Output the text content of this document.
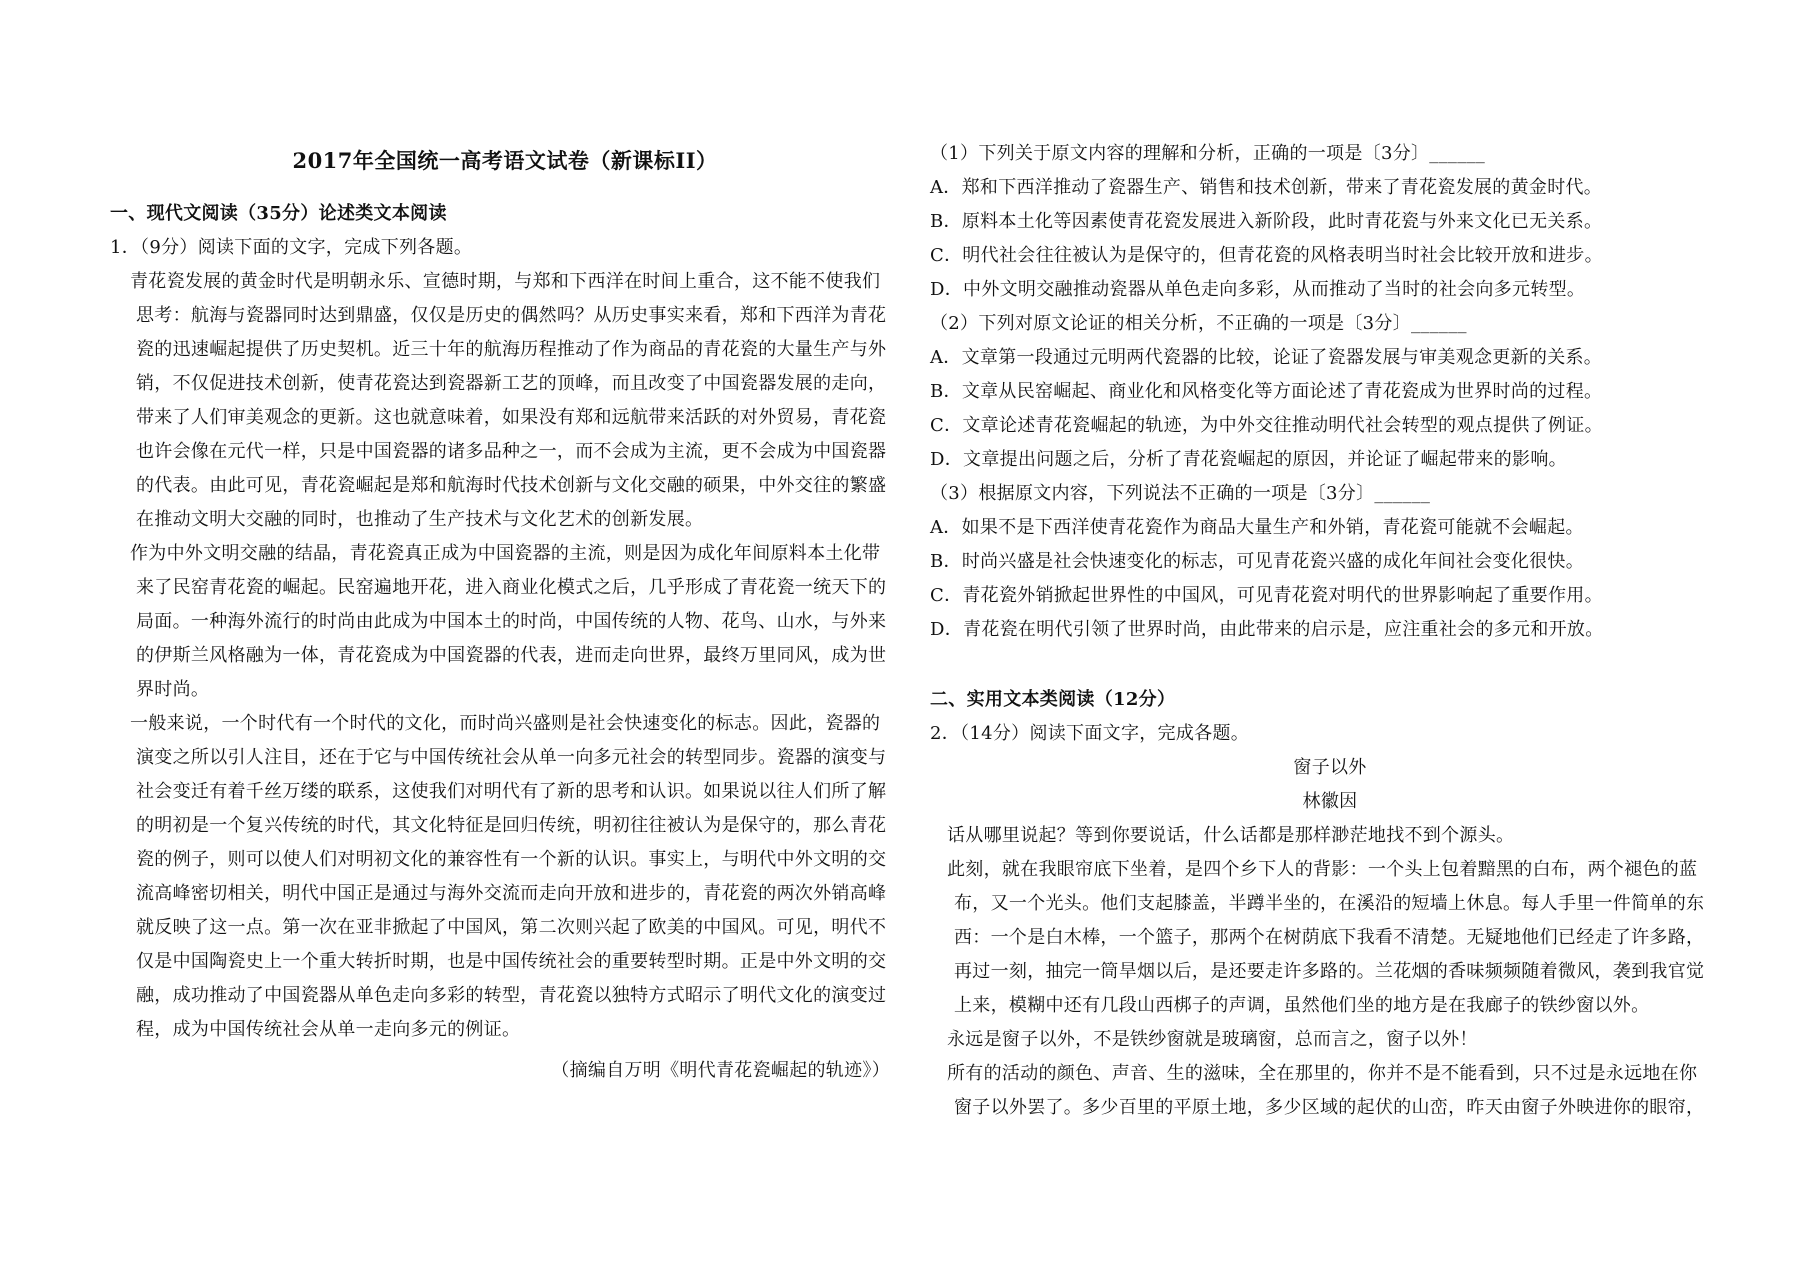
2017年全国统一高考语文试卷（新课标II）
一、现代文阅读（35分）论述类文本阅读
1．（9分）阅读下面的文字，完成下列各题。
青花瓷发展的黄金时代是明朝永乐、宣德时期，与郑和下西洋在时间上重合，这不能不使我们
思考：航海与瓷器同时达到鼎盛，仅仅是历史的偶然吗？从历史事实来看，郑和下西洋为青花
瓷的迅速崛起提供了历史契机。近三十年的航海历程推动了作为商品的青花瓷的大量生产与外
销，不仅促进技术创新，使青花瓷达到瓷器新工艺的顶峰，而且改变了中国瓷器发展的走向，
带来了人们审美观念的更新。这也就意味着，如果没有郑和远航带来活跃的对外贸易，青花瓷
也许会像在元代一样，只是中国瓷器的诸多品种之一，而不会成为主流，更不会成为中国瓷器
的代表。由此可见，青花瓷崛起是郑和航海时代技术创新与文化交融的硕果，中外交往的繁盛
在推动文明大交融的同时，也推动了生产技术与文化艺术的创新发展。
作为中外文明交融的结晶，青花瓷真正成为中国瓷器的主流，则是因为成化年间原料本土化带
来了民窑青花瓷的崛起。民窑遍地开花，进入商业化模式之后，几乎形成了青花瓷一统天下的
局面。一种海外流行的时尚由此成为中国本土的时尚，中国传统的人物、花鸟、山水，与外来
的伊斯兰风格融为一体，青花瓷成为中国瓷器的代表，进而走向世界，最终万里同风，成为世
界时尚。
一般来说，一个时代有一个时代的文化，而时尚兴盛则是社会快速变化的标志。因此，瓷器的
演变之所以引人注目，还在于它与中国传统社会从单一向多元社会的转型同步。瓷器的演变与
社会变迁有着千丝万缕的联系，这使我们对明代有了新的思考和认识。如果说以往人们所了解
的明初是一个复兴传统的时代，其文化特征是回归传统，明初往往被认为是保守的，那么青花
瓷的例子，则可以使人们对明初文化的兼容性有一个新的认识。事实上，与明代中外文明的交
流高峰密切相关，明代中国正是通过与海外交流而走向开放和进步的，青花瓷的两次外销高峰
就反映了这一点。第一次在亚非掀起了中国风，第二次则兴起了欧美的中国风。可见，明代不
仅是中国陶瓷史上一个重大转折时期，也是中国传统社会的重要转型时期。正是中外文明的交
融，成功推动了中国瓷器从单色走向多彩的转型，青花瓷以独特方式昭示了明代文化的演变过
程，成为中国传统社会从单一走向多元的例证。
（摘编自万明《明代青花瓷崛起的轨迹》）
（1）下列关于原文内容的理解和分析，正确的一项是〔3分〕______
A．郑和下西洋推动了瓷器生产、销售和技术创新，带来了青花瓷发展的黄金时代。
B．原料本土化等因素使青花瓷发展进入新阶段，此时青花瓷与外来文化已无关系。
C．明代社会往往被认为是保守的，但青花瓷的风格表明当时社会比较开放和进步。
D．中外文明交融推动瓷器从单色走向多彩，从而推动了当时的社会向多元转型。
（2）下列对原文论证的相关分析，不正确的一项是〔3分〕______
A．文章第一段通过元明两代瓷器的比较，论证了瓷器发展与审美观念更新的关系。
B．文章从民窑崛起、商业化和风格变化等方面论述了青花瓷成为世界时尚的过程。
C．文章论述青花瓷崛起的轨迹，为中外交往推动明代社会转型的观点提供了例证。
D．文章提出问题之后，分析了青花瓷崛起的原因，并论证了崛起带来的影响。
（3）根据原文内容，下列说法不正确的一项是〔3分〕______
A．如果不是下西洋使青花瓷作为商品大量生产和外销，青花瓷可能就不会崛起。
B．时尚兴盛是社会快速变化的标志，可见青花瓷兴盛的成化年间社会变化很快。
C．青花瓷外销掀起世界性的中国风，可见青花瓷对明代的世界影响起了重要作用。
D．青花瓷在明代引领了世界时尚，由此带来的启示是，应注重社会的多元和开放。
二、实用文本类阅读（12分）
2．（14分）阅读下面文字，完成各题。
窗子以外
林徽因
话从哪里说起？等到你要说话，什么话都是那样渺茫地找不到个源头。
此刻，就在我眼帘底下坐着，是四个乡下人的背影：一个头上包着黯黑的白布，两个褪色的蓝
布，又一个光头。他们支起膝盖，半蹲半坐的，在溪沿的短墙上休息。每人手里一件简单的东
西：一个是白木棒，一个篮子，那两个在树荫底下我看不清楚。无疑地他们已经走了许多路，
再过一刻，抽完一筒旱烟以后，是还要走许多路的。兰花烟的香味频频随着微风，袭到我官觉
上来，模糊中还有几段山西梆子的声调，虽然他们坐的地方是在我廊子的铁纱窗以外。
永远是窗子以外，不是铁纱窗就是玻璃窗，总而言之，窗子以外！
所有的活动的颜色、声音、生的滋味，全在那里的，你并不是不能看到，只不过是永远地在你
窗子以外罢了。多少百里的平原土地，多少区域的起伏的山峦，昨天由窗子外映进你的眼帘，
